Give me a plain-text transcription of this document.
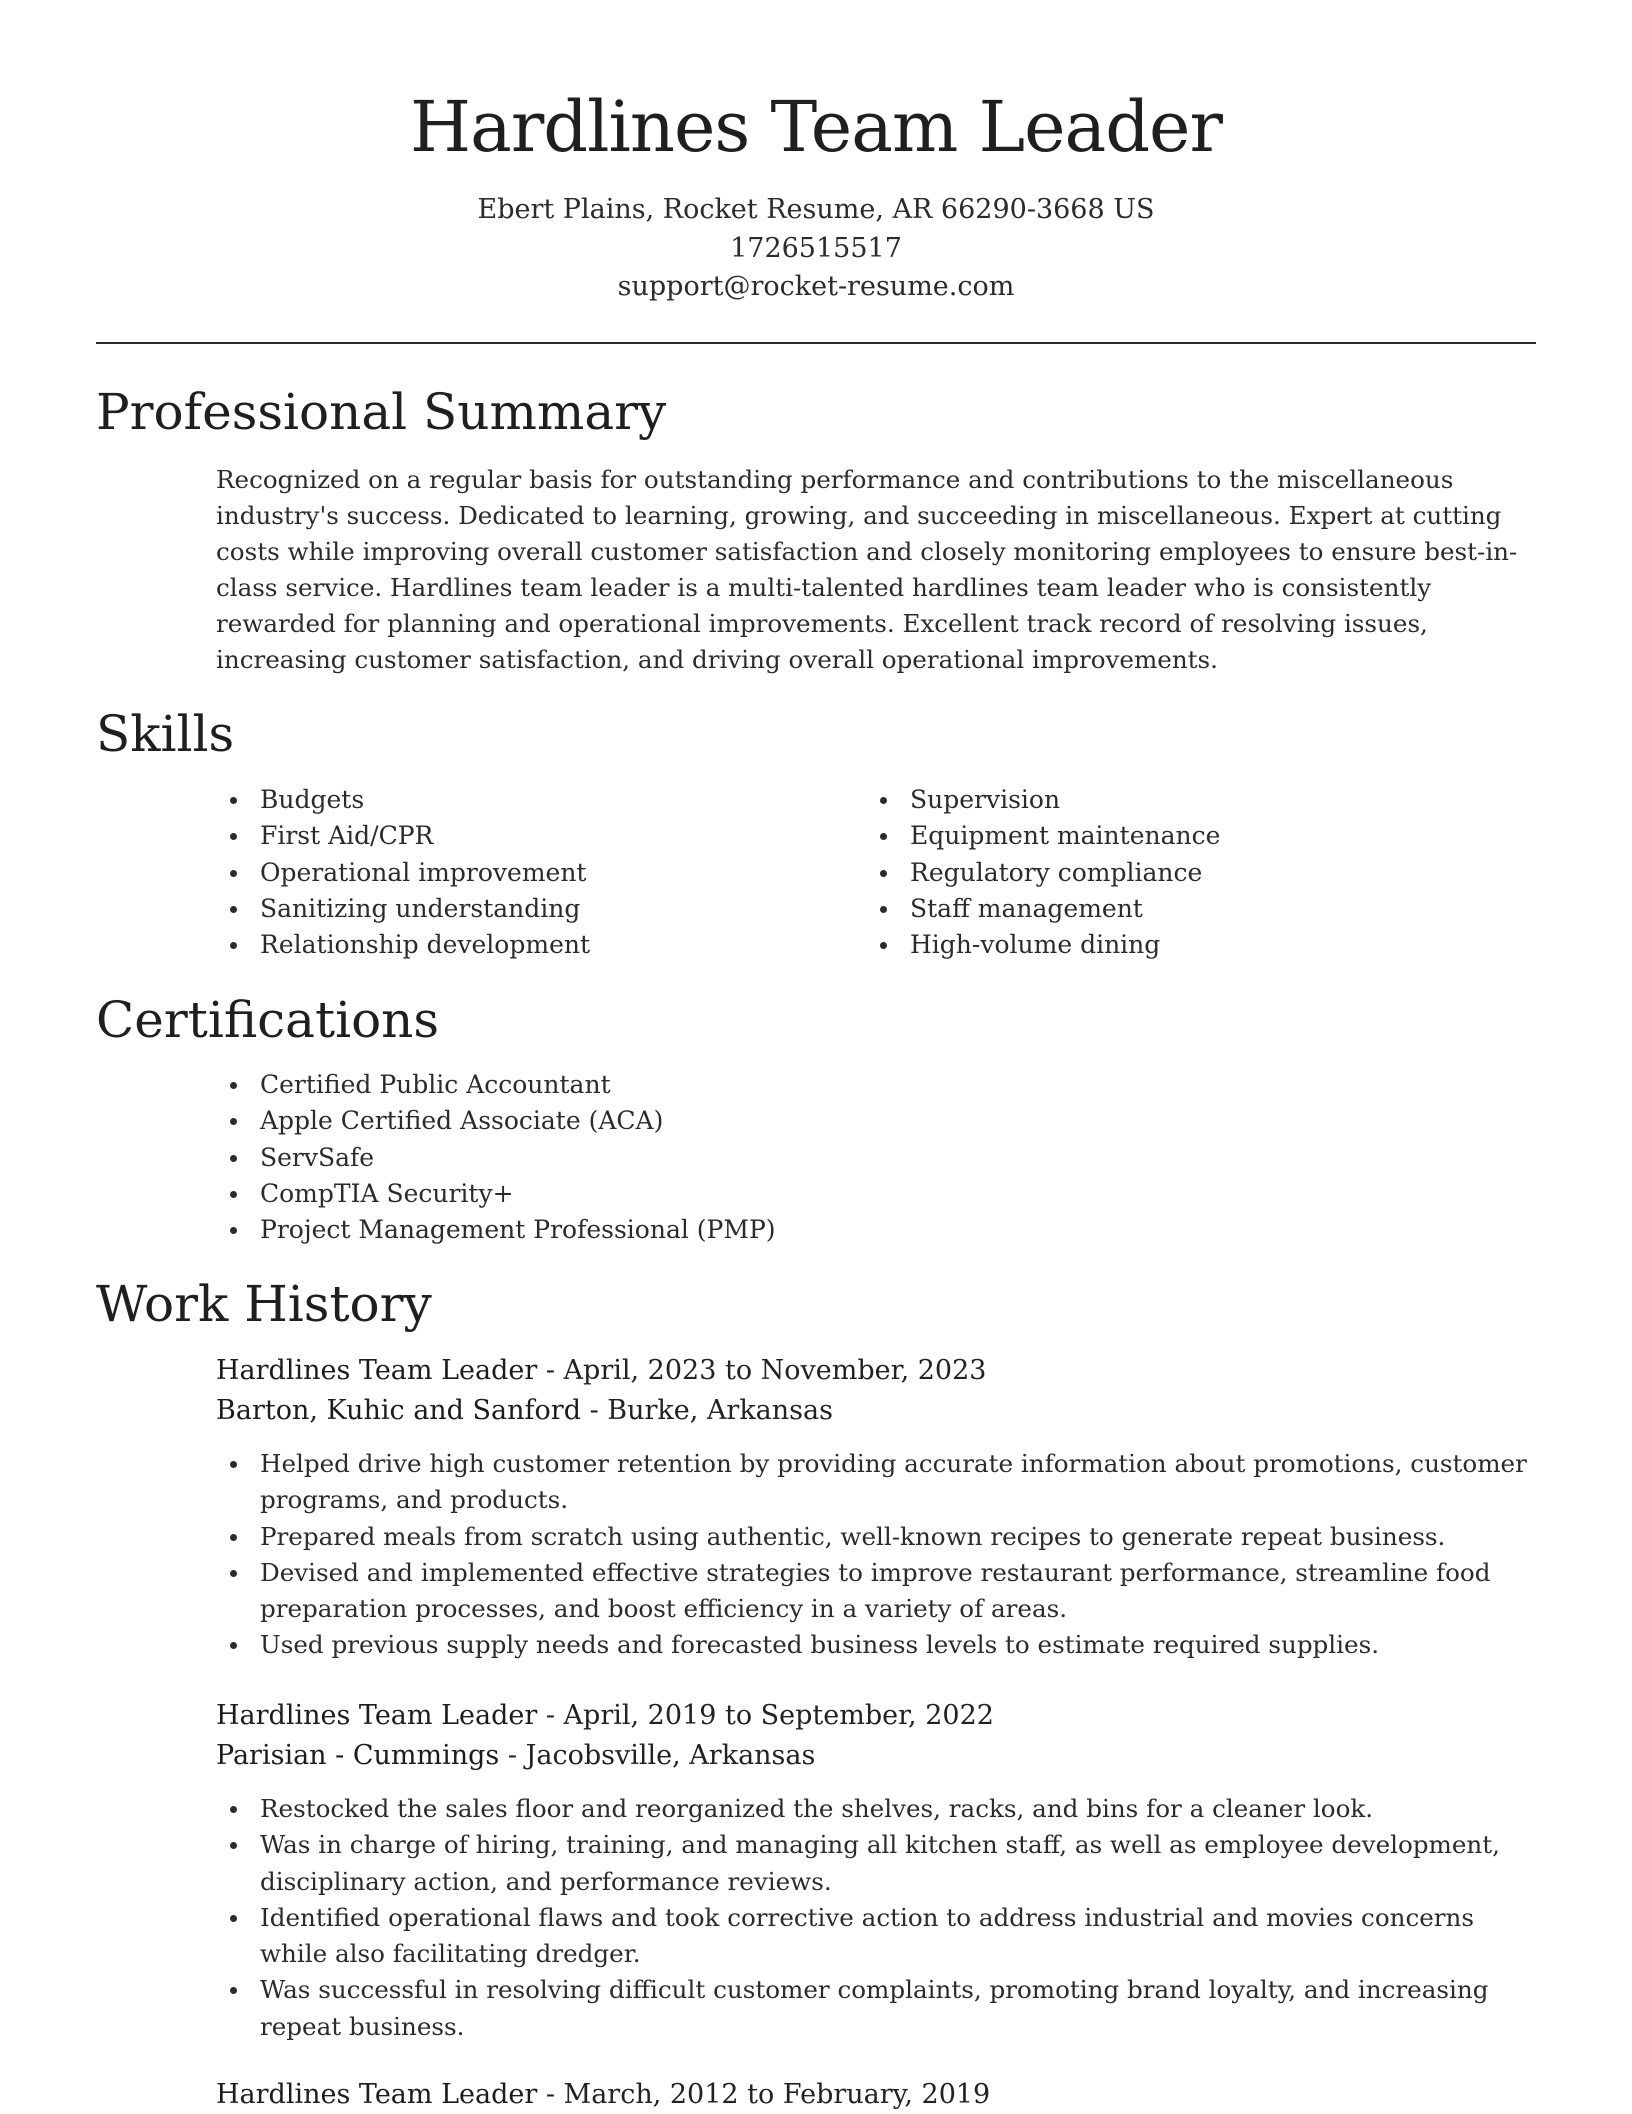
Hardlines Team Leader
Ebert Plains, Rocket Resume, AR 66290-3668 US
1726515517
support@rocket-resume.com
Professional Summary
Recognized on a regular basis for outstanding performance and contributions to the miscellaneous industry's success. Dedicated to learning, growing, and succeeding in miscellaneous. Expert at cutting costs while improving overall customer satisfaction and closely monitoring employees to ensure best-in-class service. Hardlines team leader is a multi-talented hardlines team leader who is consistently rewarded for planning and operational improvements. Excellent track record of resolving issues, increasing customer satisfaction, and driving overall operational improvements.
Skills
Budgets
First Aid/CPR
Operational improvement
Sanitizing understanding
Relationship development
Supervision
Equipment maintenance
Regulatory compliance
Staff management
High-volume dining
Certifications
Certified Public Accountant
Apple Certified Associate (ACA)
ServSafe
CompTIA Security+
Project Management Professional (PMP)
Work History
Hardlines Team Leader - April, 2023 to November, 2023
Barton, Kuhic and Sanford - Burke, Arkansas
Helped drive high customer retention by providing accurate information about promotions, customer programs, and products.
Prepared meals from scratch using authentic, well-known recipes to generate repeat business.
Devised and implemented effective strategies to improve restaurant performance, streamline food preparation processes, and boost efficiency in a variety of areas.
Used previous supply needs and forecasted business levels to estimate required supplies.
Hardlines Team Leader - April, 2019 to September, 2022
Parisian - Cummings - Jacobsville, Arkansas
Restocked the sales floor and reorganized the shelves, racks, and bins for a cleaner look.
Was in charge of hiring, training, and managing all kitchen staff, as well as employee development, disciplinary action, and performance reviews.
Identified operational flaws and took corrective action to address industrial and movies concerns while also facilitating dredger.
Was successful in resolving difficult customer complaints, promoting brand loyalty, and increasing repeat business.
Hardlines Team Leader - March, 2012 to February, 2019
